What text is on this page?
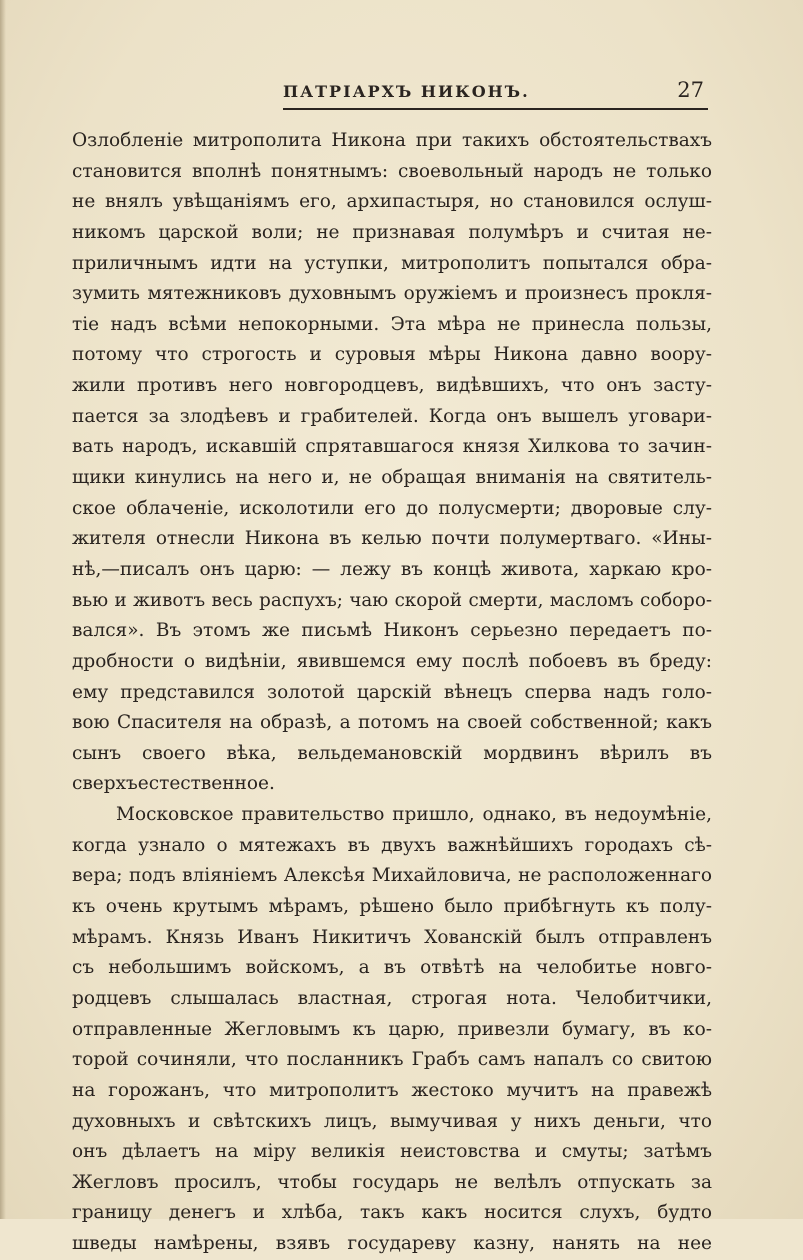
ПАТРІАРХЪ НИКОНЪ.	27
Озлобленіе митрополита Никона при такихъ обстоятельствахъ
становится вполнѣ понятнымъ: своевольный народъ не только
не внялъ увѣщаніямъ его, архипастыря, но становился ослуш-
никомъ царской воли; не признавая полумѣръ и считая не-
приличнымъ идти на уступки, митрополитъ попытался обра-
зумить мятежниковъ духовнымъ оружіемъ и произнесъ прокля-
тіе надъ всѣми непокорными. Эта мѣра не принесла пользы,
потому что строгость и суровыя мѣры Никона давно воору-
жили противъ него новгородцевъ, видѣвшихъ, что онъ засту-
пается за злодѣевъ и грабителей. Когда онъ вышелъ уговари-
вать народъ, искавшій спрятавшагося князя Хилкова то зачин-
щики кинулись на него и, не обращая вниманія на святитель-
ское облаченіе, исколотили его до полусмерти; дворовые слу-
жителя отнесли Никона въ келью почти полумертваго. «Ины-
нѣ,—писалъ онъ царю: — лежу въ концѣ живота, харкаю кро-
вью и животъ весь распухъ; чаю скорой смерти, масломъ соборо-
вался». Въ этомъ же письмѣ Никонъ серьезно передаетъ по-
дробности о видѣніи, явившемся ему послѣ побоевъ въ бреду:
ему представился золотой царскій вѣнецъ сперва надъ голо-
вою Спасителя на образѣ, а потомъ на своей собственной; какъ
сынъ своего вѣка, вельдемановскій мордвинъ вѣрилъ въ
сверхъестественное.
Московское правительство пришло, однако, въ недоумѣніе,
когда узнало о мятежахъ въ двухъ важнѣйшихъ городахъ сѣ-
вера; подъ вліяніемъ Алексѣя Михайловича, не расположеннаго
къ очень крутымъ мѣрамъ, рѣшено было прибѣгнуть къ полу-
мѣрамъ. Князь Иванъ Никитичъ Хованскій былъ отправленъ
съ небольшимъ войскомъ, а въ отвѣтѣ на челобитье новго-
родцевъ слышалась властная, строгая нота. Челобитчики,
отправленные Жегловымъ къ царю, привезли бумагу, въ ко-
торой сочиняли, что посланникъ Грабъ самъ напалъ со свитою
на горожанъ, что митрополитъ жестоко мучитъ на правежѣ
духовныхъ и свѣтскихъ лицъ, вымучивая у нихъ деньги, что
онъ дѣлаетъ на міру великія неистовства и смуты; затѣмъ
Жегловъ просилъ, чтобы государь не велѣлъ отпускать за
границу денегъ и хлѣба, такъ какъ носится слухъ, будто
шведы намѣрены, взявъ государеву казну, нанять на нее
